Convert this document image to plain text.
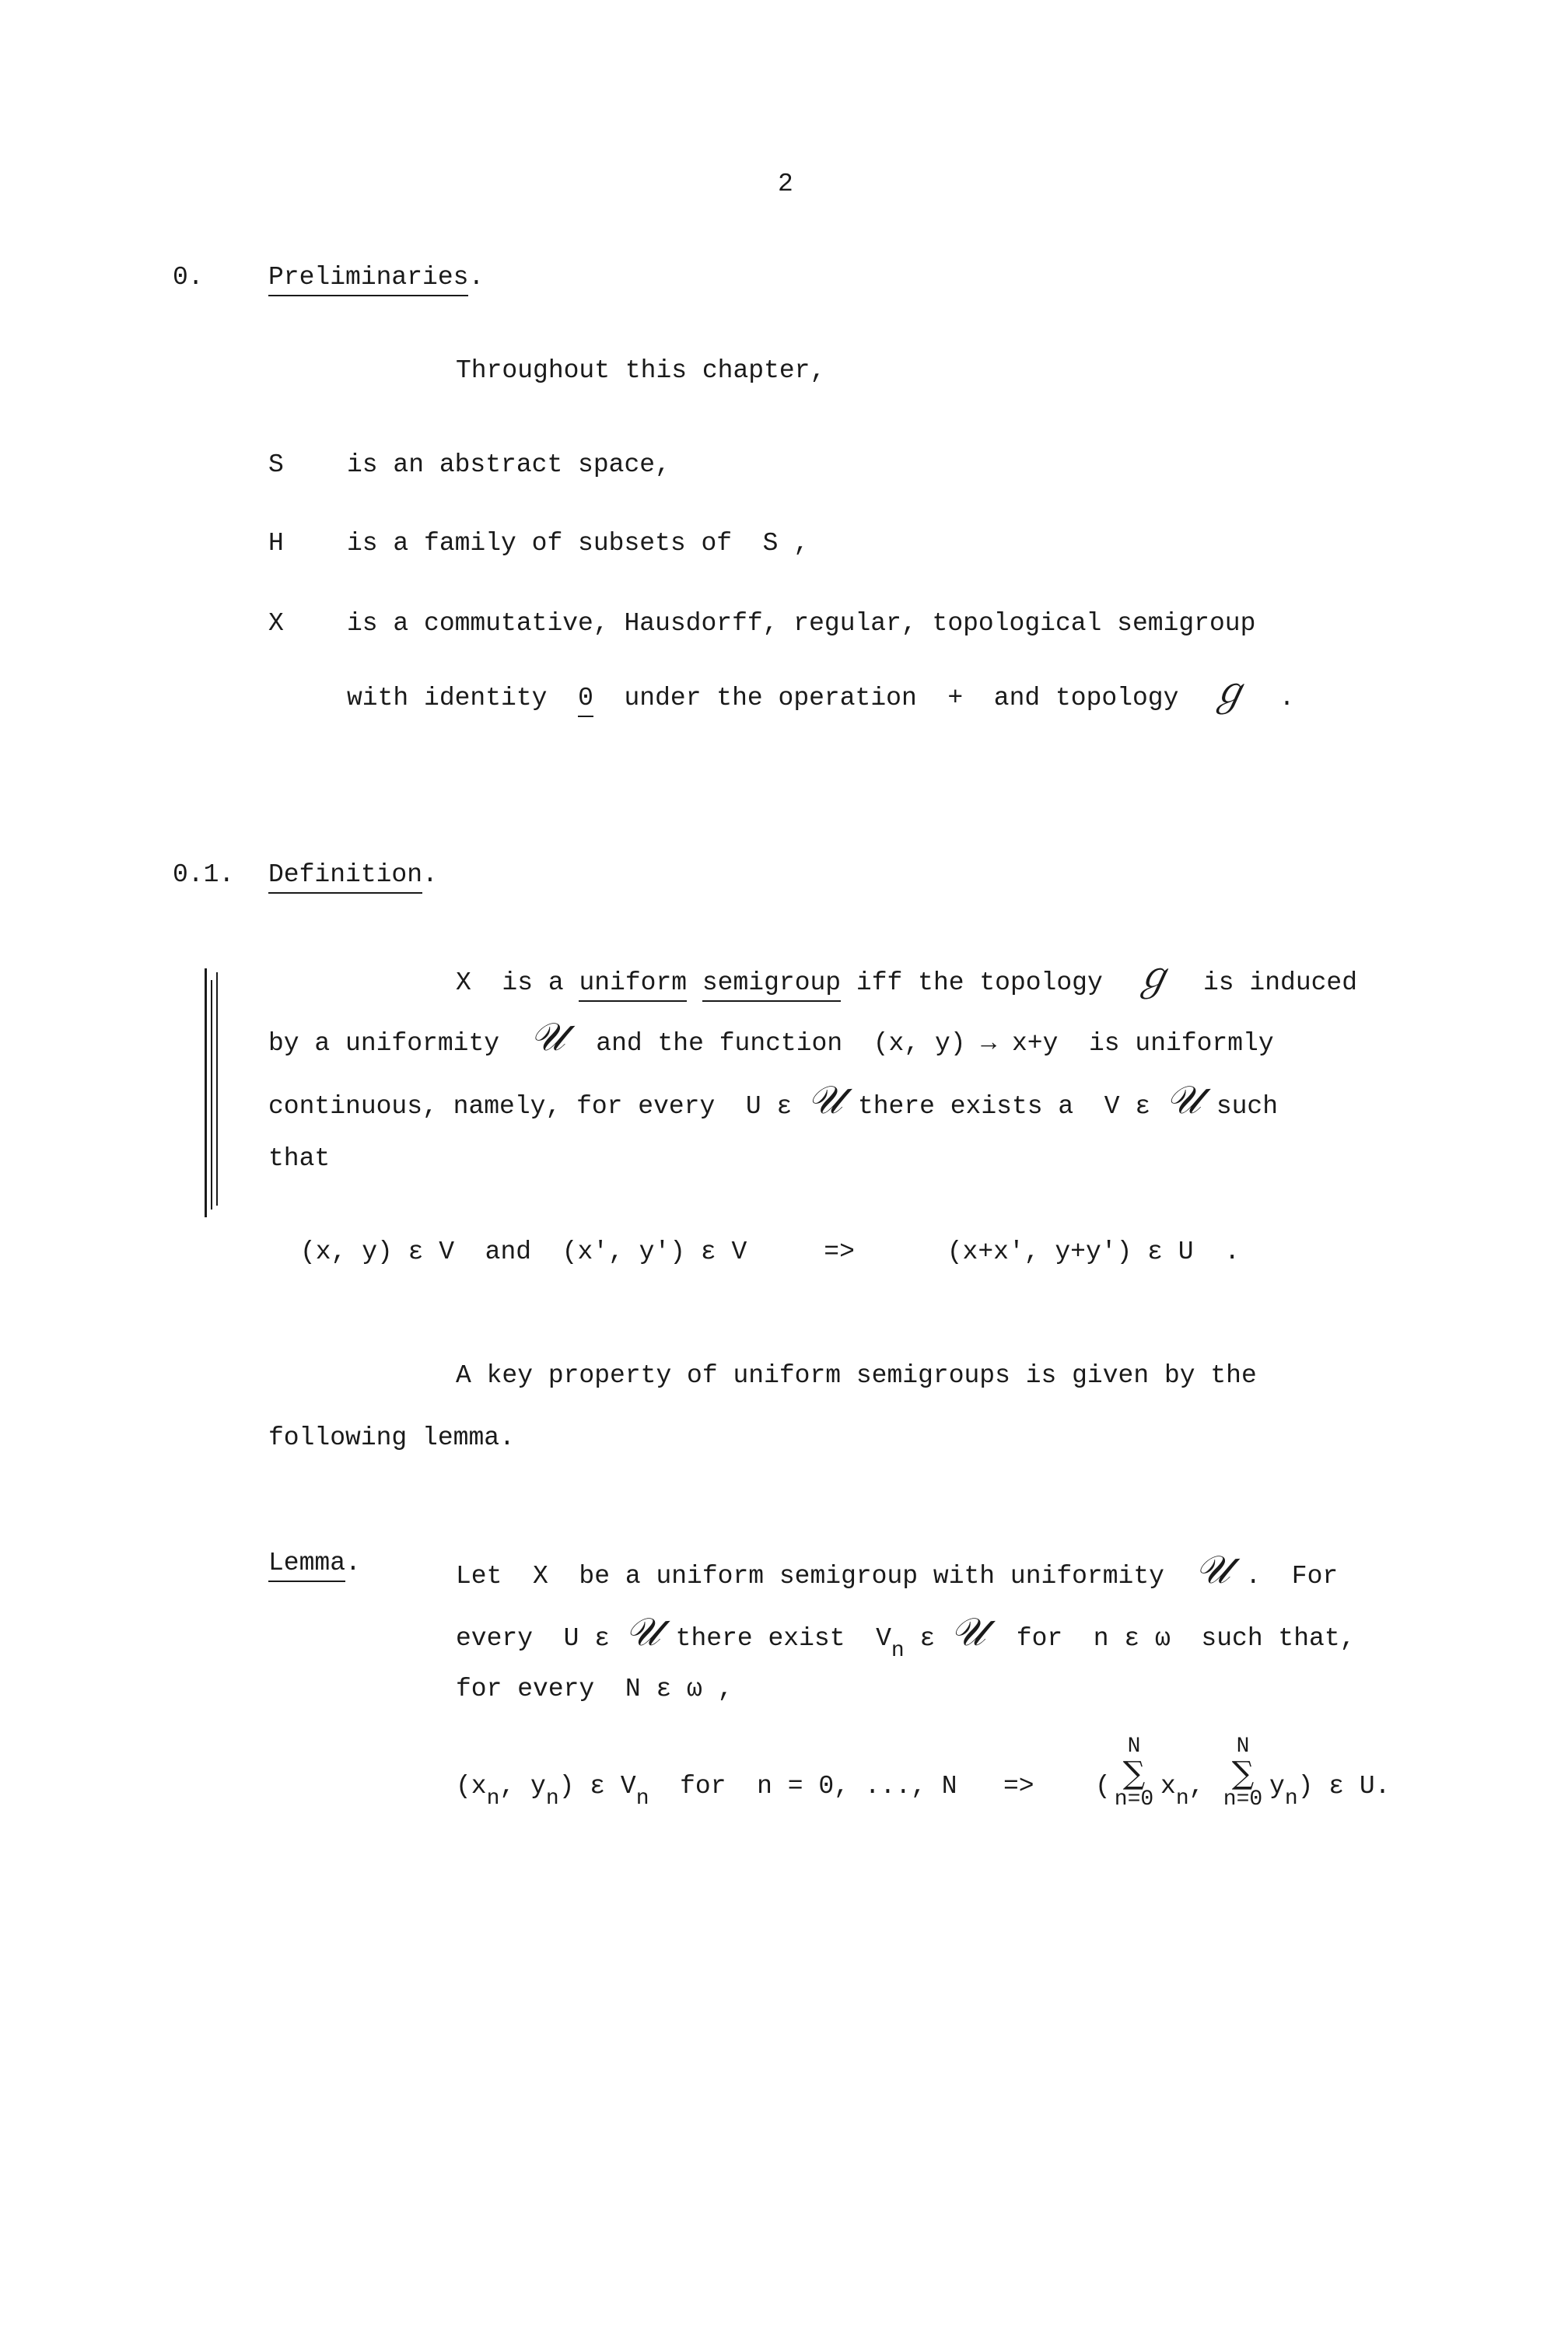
2
0.	Preliminaries.
Throughout this chapter,
S is an abstract space,
H is a family of subsets of  S ,
X is a commutative, Hausdorff, regular, topological semigroup
with identity 0 under the operation  +  and topology ℊ .
0.1. Definition.
X  is a uniform semigroup iff the topology ℊ is induced
by a uniformity 𝒰 and the function  (x, y) → x+y  is uniformly
continuous, namely, for every  U ε 𝒰 there exists a  V ε 𝒰 such
that
(x, y) ε V  and  (x′, y′) ε V     =>      (x+x′, y+y′) ε U  .
A key property of uniform semigroups is given by the
following lemma.
Lemma.	Let  X  be a uniform semigroup with uniformity 𝒰 .  For
every  U ε 𝒰 there exist  $V_n$ ε 𝒰 for  n ε ω  such that,
for every  N ε ω ,
($x_n$, $y_n$) ε $V_n$ for  n = 0, ..., N   => (
N
∑
n=0 $x_n$,
N
∑
n=0 $y_n$) ε U.
